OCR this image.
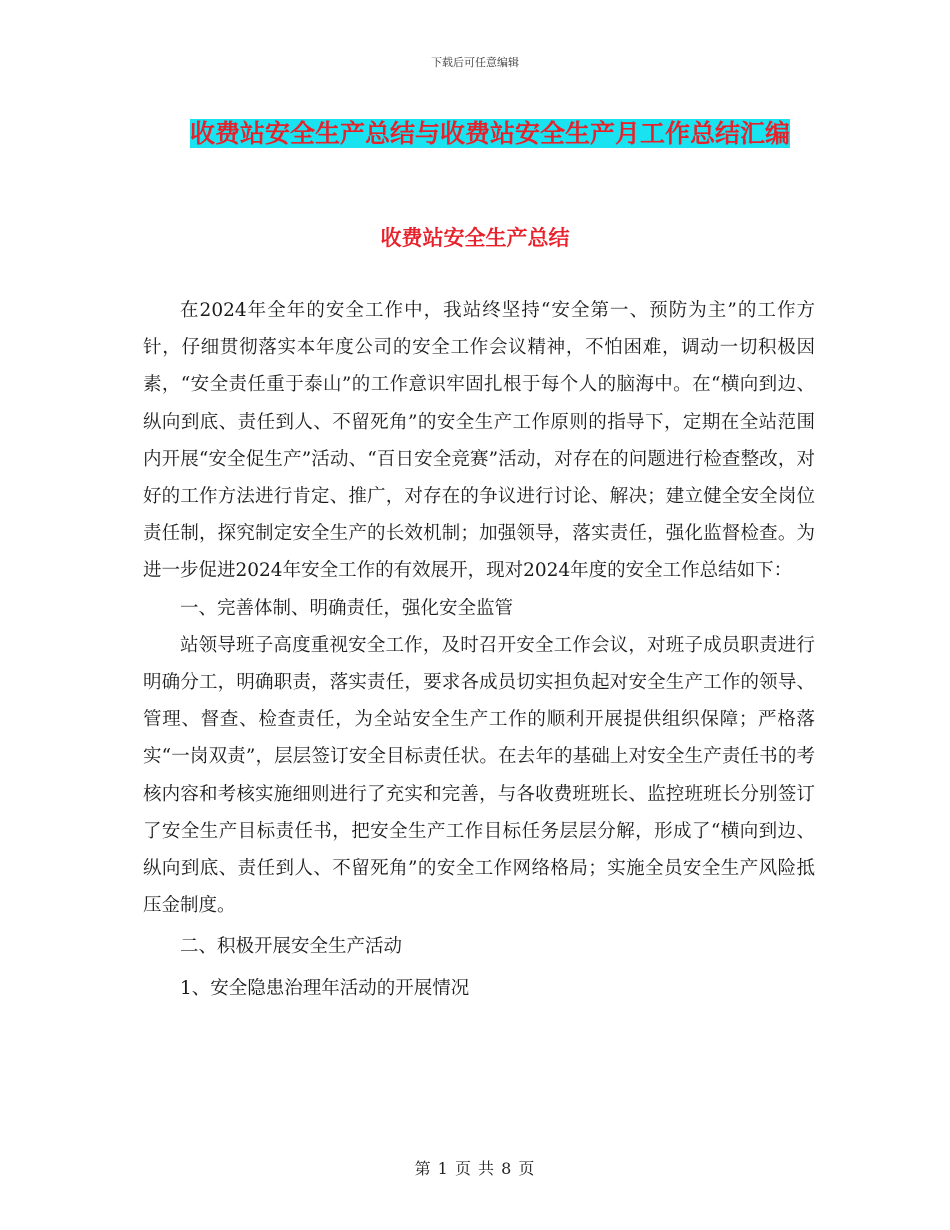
下载后可任意编辑
收费站安全生产总结与收费站安全生产月工作总结汇编
收费站安全生产总结

在2024年全年的安全工作中，我站终坚持“安全第一、预防为主”的工作方针，仔细贯彻落实本年度公司的安全工作会议精神，不怕困难，调动一切积极因素，“安全责任重于泰山”的工作意识牢固扎根于每个人的脑海中。在“横向到边、纵向到底、责任到人、不留死角”的安全生产工作原则的指导下，定期在全站范围内开展“安全促生产”活动、“百日安全竞赛”活动，对存在的问题进行检查整改，对好的工作方法进行肯定、推广，对存在的争议进行讨论、解决；建立健全安全岗位责任制，探究制定安全生产的长效机制；加强领导，落实责任，强化监督检查。为进一步促进2024年安全工作的有效展开，现对2024年度的安全工作总结如下：

一、完善体制、明确责任，强化安全监管

站领导班子高度重视安全工作，及时召开安全工作会议，对班子成员职责进行明确分工，明确职责，落实责任，要求各成员切实担负起对安全生产工作的领导、管理、督查、检查责任，为全站安全生产工作的顺利开展提供组织保障；严格落实“一岗双责”，层层签订安全目标责任状。在去年的基础上对安全生产责任书的考核内容和考核实施细则进行了充实和完善，与各收费班班长、监控班班长分别签订了安全生产目标责任书，把安全生产工作目标任务层层分解，形成了“横向到边、纵向到底、责任到人、不留死角”的安全工作网络格局；实施全员安全生产风险抵压金制度。

二、积极开展安全生产活动

1、安全隐患治理年活动的开展情况

第 1 页 共 8 页
